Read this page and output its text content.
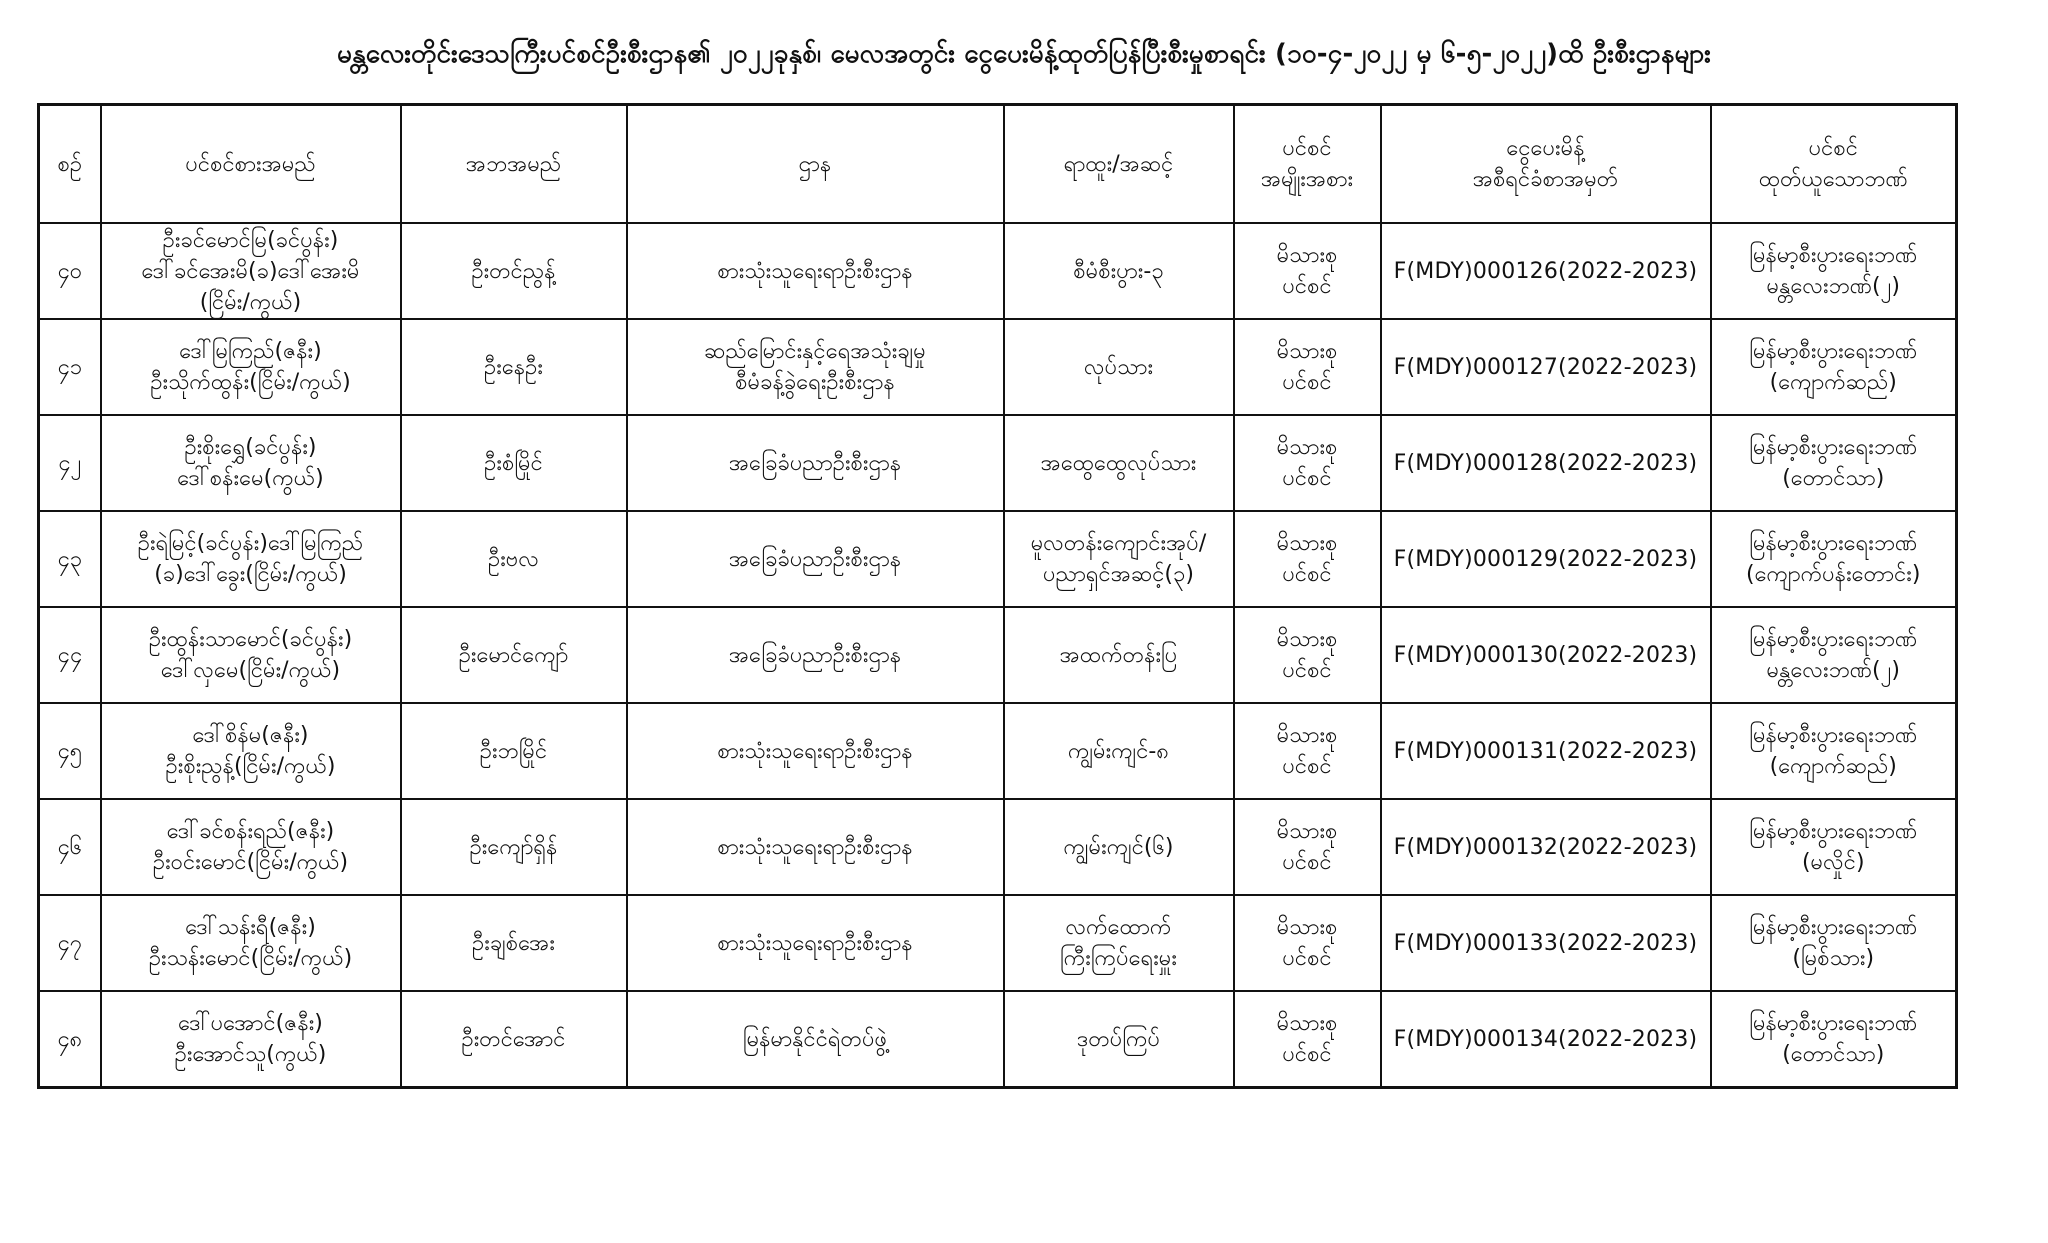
မန္တလေးတိုင်းဒေသကြီးပင်စင်ဦးစီးဌာန၏ ၂၀၂၂ခုနှစ်၊ မေလအတွင်း ငွေပေးမိန့်ထုတ်ပြန်ပြီးစီးမှုစာရင်း (၁၀-၄-၂၀၂၂ မှ ၆-၅-၂၀၂၂)ထိ ဦးစီးဌာနများ
စဉ်	ပင်စင်စားအမည်	အဘအမည်	ဌာန	ရာထူး/အဆင့်	ပင်စင်
အမျိုးအစား	ငွေပေးမိန့်
အစီရင်ခံစာအမှတ်	ပင်စင်
ထုတ်ယူသောဘဏ်

၄၀	ဦးခင်မောင်မြ(ခင်ပွန်း)
ဒေါ်ခင်အေးမိ(ခ)ဒေါ်အေးမိ
(ငြိမ်း/ကွယ်)	ဦးတင်ညွန့်	စားသုံးသူရေးရာဦးစီးဌာန	စီမံစီးပွား-၃	မိသားစု
ပင်စင်	F(MDY)000126(2022-2023)	မြန်မာ့စီးပွားရေးဘဏ်
မန္တလေးဘဏ်(၂)

၄၁	ဒေါ်မြကြည်(ဇနီး)
ဦးသိုက်ထွန်း(ငြိမ်း/ကွယ်)	ဦးနေဦး	ဆည်မြောင်းနှင့်ရေအသုံးချမှု
စီမံခန့်ခွဲရေးဦးစီးဌာန	လုပ်သား	မိသားစု
ပင်စင်	F(MDY)000127(2022-2023)	မြန်မာ့စီးပွားရေးဘဏ်
(ကျောက်ဆည်)

၄၂	ဦးစိုးရွှေ(ခင်ပွန်း)
ဒေါ်စန်းမေ(ကွယ်)	ဦးစံမြိုင်	အခြေခံပညာဦးစီးဌာန	အထွေထွေလုပ်သား	မိသားစု
ပင်စင်	F(MDY)000128(2022-2023)	မြန်မာ့စီးပွားရေးဘဏ်
(တောင်သာ)

၄၃	ဦးရဲမြင့်(ခင်ပွန်း)ဒေါ်မြကြည်
(ခ)ဒေါ်ခွေး(ငြိမ်း/ကွယ်)	ဦးဗလ	အခြေခံပညာဦးစီးဌာန	မူလတန်းကျောင်းအုပ်/
ပညာရှင်အဆင့်(၃)	မိသားစု
ပင်စင်	F(MDY)000129(2022-2023)	မြန်မာ့စီးပွားရေးဘဏ်
(ကျောက်ပန်းတောင်း)

၄၄	ဦးထွန်းသာမောင်(ခင်ပွန်း)
ဒေါ်လှမေ(ငြိမ်း/ကွယ်)	ဦးမောင်ကျော်	အခြေခံပညာဦးစီးဌာန	အထက်တန်းပြ	မိသားစု
ပင်စင်	F(MDY)000130(2022-2023)	မြန်မာ့စီးပွားရေးဘဏ်
မန္တလေးဘဏ်(၂)

၄၅	ဒေါ်စိန်မ(ဇနီး)
ဦးစိုးညွန့်(ငြိမ်း/ကွယ်)	ဦးဘမြိုင်	စားသုံးသူရေးရာဦးစီးဌာန	ကျွမ်းကျင်-၈	မိသားစု
ပင်စင်	F(MDY)000131(2022-2023)	မြန်မာ့စီးပွားရေးဘဏ်
(ကျောက်ဆည်)

၄၆	ဒေါ်ခင်စန်းရည်(ဇနီး)
ဦးဝင်းမောင်(ငြိမ်း/ကွယ်)	ဦးကျော်ရှိန်	စားသုံးသူရေးရာဦးစီးဌာန	ကျွမ်းကျင်(၆)	မိသားစု
ပင်စင်	F(MDY)000132(2022-2023)	မြန်မာ့စီးပွားရေးဘဏ်
(မလှိုင်)

၄၇	ဒေါ်သန်းရီ(ဇနီး)
ဦးသန်းမောင်(ငြိမ်း/ကွယ်)	ဦးချစ်အေး	စားသုံးသူရေးရာဦးစီးဌာန	လက်ထောက်
ကြီးကြပ်ရေးမှူး	မိသားစု
ပင်စင်	F(MDY)000133(2022-2023)	မြန်မာ့စီးပွားရေးဘဏ်
(မြစ်သား)

၄၈	ဒေါ်ပအောင်(ဇနီး)
ဦးအောင်သူ(ကွယ်)	ဦးတင်အောင်	မြန်မာနိုင်ငံရဲတပ်ဖွဲ့	ဒုတပ်ကြပ်	မိသားစု
ပင်စင်	F(MDY)000134(2022-2023)	မြန်မာ့စီးပွားရေးဘဏ်
(တောင်သာ)
